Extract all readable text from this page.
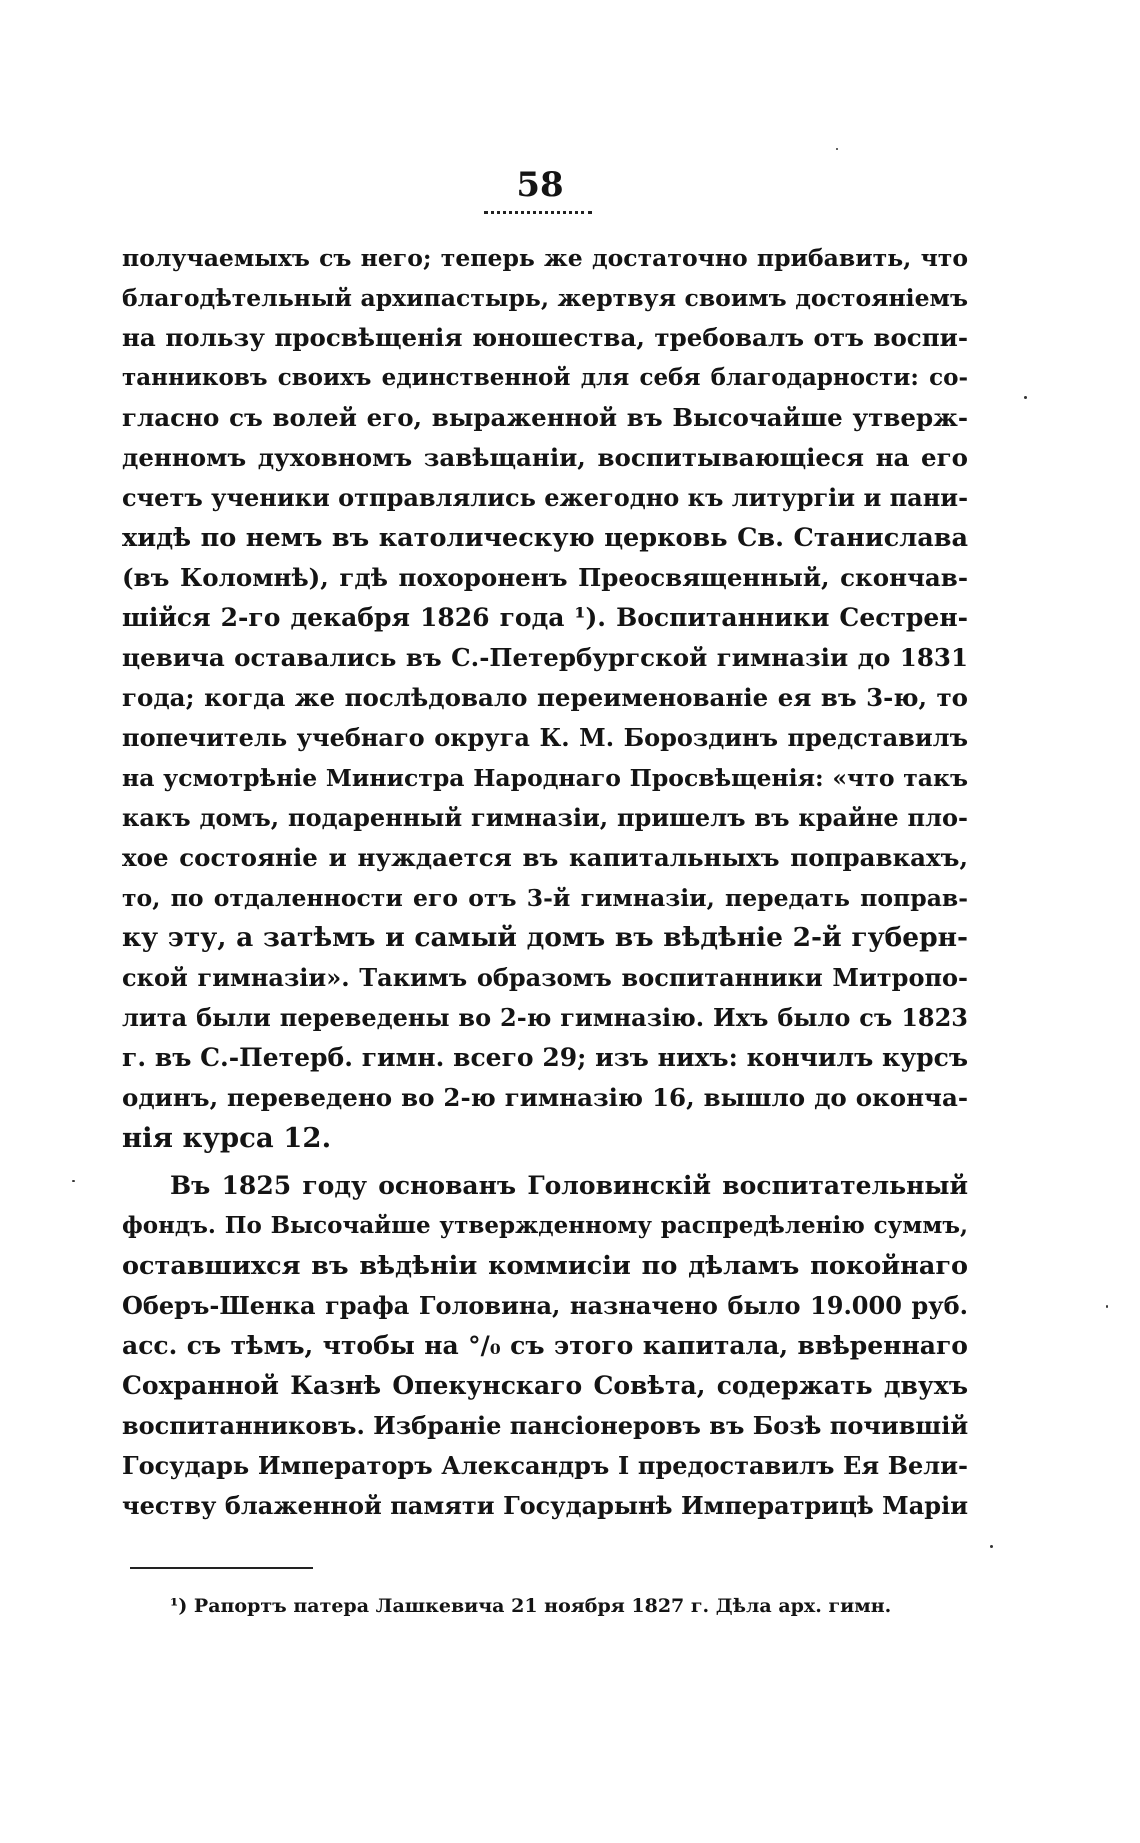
58
получаемыхъ съ него; теперь же достаточно прибавить, что
благодѣтельный архипастырь, жертвуя своимъ достояніемъ
на пользу просвѣщенія юношества, требовалъ отъ воспи-
танниковъ своихъ единственной для себя благодарности: со-
гласно съ волей его, выраженной въ Высочайше утверж-
денномъ духовномъ завѣщаніи, воспитывающіеся на его
счетъ ученики отправлялись ежегодно къ литургіи и пани-
хидѣ по немъ въ католическую церковь Св. Станислава
(въ Коломнѣ), гдѣ похороненъ Преосвященный, скончав-
шійся 2-го декабря 1826 года ¹). Воспитанники Сестрен-
цевича оставались въ С.-Петербургской гимназіи до 1831
года; когда же послѣдовало переименованіе ея въ 3-ю, то
попечитель учебнаго округа К. М. Бороздинъ представилъ
на усмотрѣніе Министра Народнаго Просвѣщенія: «что такъ
какъ домъ, подаренный гимназіи, пришелъ въ крайне пло-
хое состояніе и нуждается въ капитальныхъ поправкахъ,
то, по отдаленности его отъ 3-й гимназіи, передать поправ-
ку эту, а затѣмъ и самый домъ въ вѣдѣніе 2-й губерн-
ской гимназіи». Такимъ образомъ воспитанники Митропо-
лита были переведены во 2-ю гимназію. Ихъ было съ 1823
г. въ С.-Петерб. гимн. всего 29; изъ нихъ: кончилъ курсъ
одинъ, переведено во 2-ю гимназію 16, вышло до оконча-
нія курса 12.
Въ 1825 году основанъ Головинскій воспитательный
фондъ. По Высочайше утвержденному распредѣленію суммъ,
оставшихся въ вѣдѣніи коммисіи по дѣламъ покойнаго
Оберъ-Шенка графа Головина, назначено было 19.000 руб.
асс. съ тѣмъ, чтобы на °/₀ съ этого капитала, ввѣреннаго
Сохранной Казнѣ Опекунскаго Совѣта, содержать двухъ
воспитанниковъ. Избраніе пансіонеровъ въ Бозѣ почившій
Государь Императоръ Александръ I предоставилъ Ея Вели-
честву блаженной памяти Государынѣ Императрицѣ Маріи
¹) Рапортъ патера Лашкевича 21 ноября 1827 г. Дѣла арх. гимн.
